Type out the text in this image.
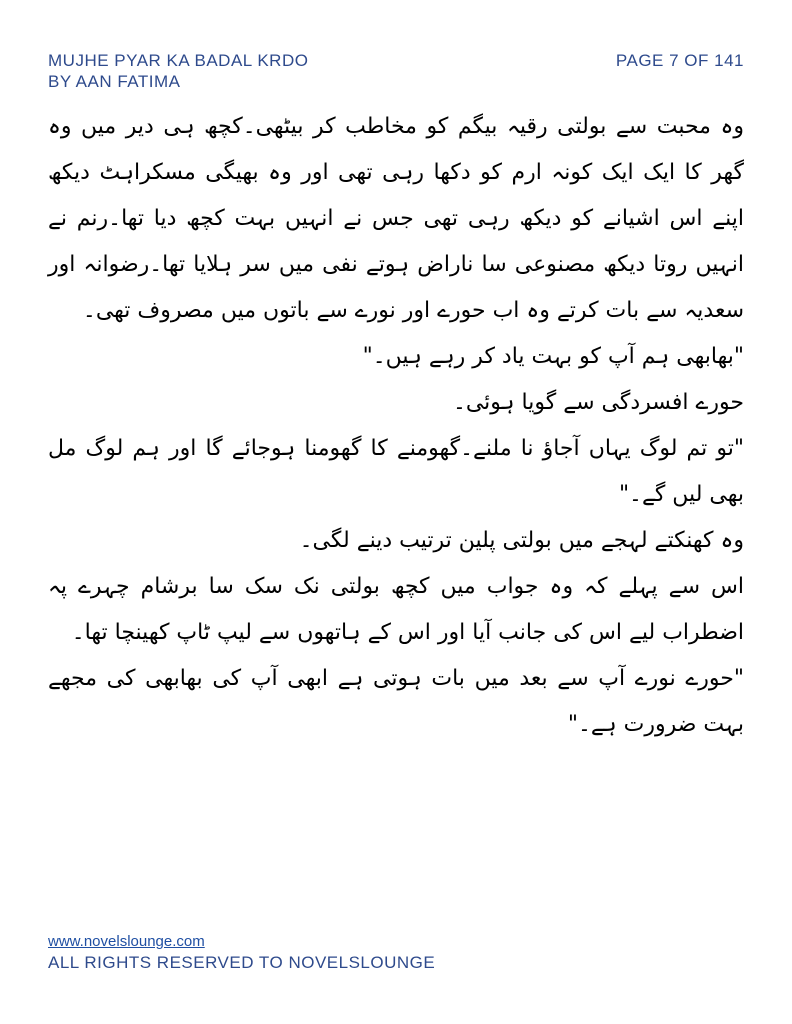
MUJHE PYAR KA BADAL KRDO
BY AAN FATIMA
PAGE 7 OF 141

وہ محبت سے بولتی رقیہ بیگم کو مخاطب کر بیٹھی۔کچھ ہی دیر میں وہ گھر کا ایک ایک کونہ ارم کو دکھا رہی تھی اور وہ بھیگی مسکراہٹ دیکھ اپنے اس اشیانے کو دیکھ رہی تھی جس نے انہیں بہت کچھ دیا تھا۔رنم نے انہیں روتا دیکھ مصنوعی سا ناراض ہوتے نفی میں سر ہلایا تھا۔رضوانہ اور سعدیہ سے بات کرتے وہ اب حورے اور نورے سے باتوں میں مصروف تھی۔

"بھابھی ہم آپ کو بہت یاد کر رہے ہیں۔"

حورے افسردگی سے گویا ہوئی۔

"تو تم لوگ یہاں آجاؤ نا ملنے۔گھومنے کا گھومنا ہوجائے گا اور ہم لوگ مل بھی لیں گے۔"

وہ کھنکتے لہجے میں بولتی پلین ترتیب دینے لگی۔

اس سے پہلے کہ وہ جواب میں کچھ بولتی نک سک سا برشام چہرے پہ اضطراب لیے اس کی جانب آیا اور اس کے ہاتھوں سے لیپ ٹاپ کھینچا تھا۔

"حورے نورے آپ سے بعد میں بات ہوتی ہے ابھی آپ کی بھابھی کی مجھے بہت ضرورت ہے۔"

www.novelslounge.com
ALL RIGHTS RESERVED TO NOVELSLOUNGE
